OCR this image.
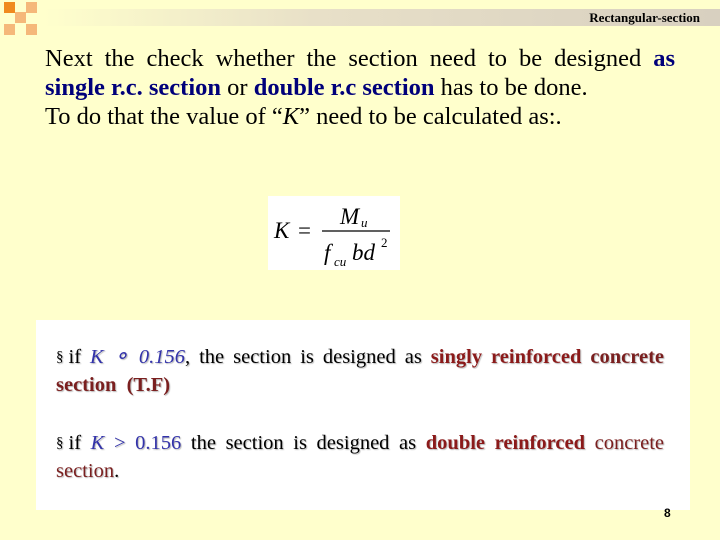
Rectangular-section
Next the check whether the section need to be designed as single r.c. section or double r.c section has to be done.
To do that the value of “K” need to be calculated as:.
K =
M u
f cu bd 2
§ if K ⚬ 0.156, the section is designed as singly reinforced concrete section (T.F)
§ if K > 0.156 the section is designed as double reinforced concrete section.
8
